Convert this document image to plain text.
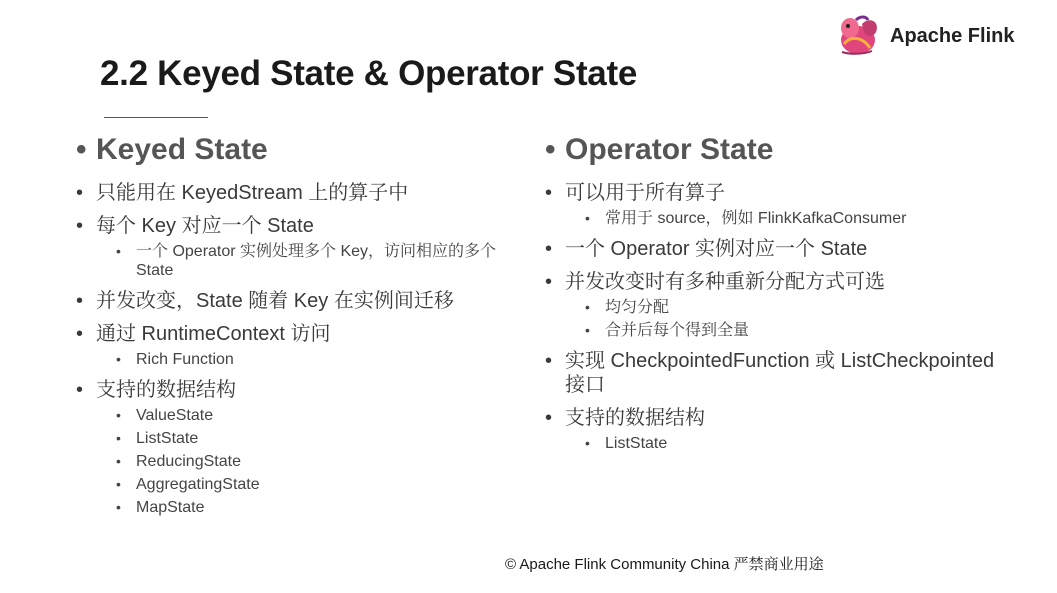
2.2 Keyed State & Operator State
Apache Flink
• Keyed State
• 只能用在 KeyedStream 上的算子中
• 每个 Key 对应一个 State
• 一个 Operator 实例处理多个 Key，访问相应的多个 State
• 并发改变，State 随着 Key 在实例间迁移
• 通过 RuntimeContext 访问
• Rich Function
• 支持的数据结构
• ValueState
• ListState
• ReducingState
• AggregatingState
• MapState
• Operator State
• 可以用于所有算子
• 常用于 source，例如 FlinkKafkaConsumer
• 一个 Operator 实例对应一个 State
• 并发改变时有多种重新分配方式可选
• 均匀分配
• 合并后每个得到全量
• 实现 CheckpointedFunction 或 ListCheckpointed 接口
• 支持的数据结构
• ListState
© Apache Flink Community China 严禁商业用途
